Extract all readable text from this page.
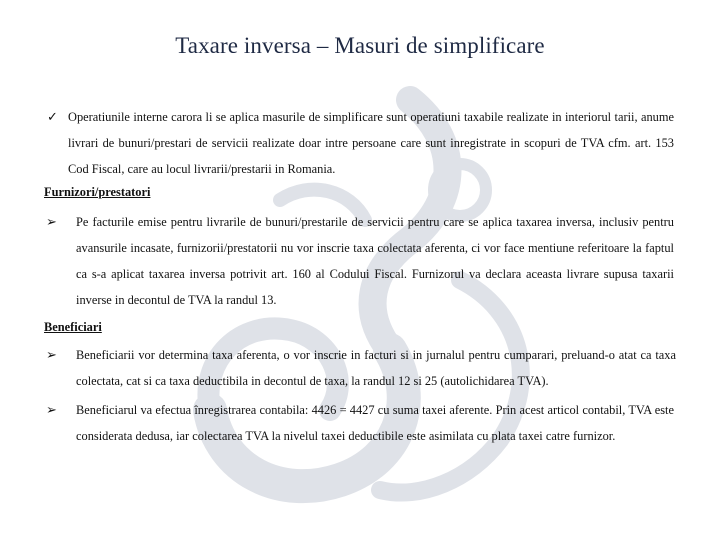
Taxare inversa – Masuri de simplificare
✓ Operatiunile interne carora li se aplica masurile de simplificare sunt operatiuni taxabile realizate in interiorul tarii, anume livrari de bunuri/prestari de servicii realizate doar intre persoane care sunt inregistrate in scopuri de TVA cfm. art. 153 Cod Fiscal, care au locul livrarii/prestarii in Romania.
Furnizori/prestatori
➢ Pe facturile emise pentru livrarile de bunuri/prestarile de servicii pentru care se aplica taxarea inversa, inclusiv pentru avansurile incasate, furnizorii/prestatorii nu vor inscrie taxa colectata aferenta, ci vor face mentiune referitoare la faptul ca s-a aplicat taxarea inversa potrivit art. 160 al Codului Fiscal. Furnizorul va declara aceasta livrare supusa taxarii inverse in decontul de TVA la randul 13.
Beneficiari
➢ Beneficiarii vor determina taxa aferenta, o vor inscrie in facturi si in jurnalul pentru cumparari, preluand-o atat ca taxa colectata, cat si ca taxa deductibila in decontul de taxa, la randul 12 si 25 (autolichidarea TVA).
➢ Beneficiarul va efectua înregistrarea contabila: 4426 = 4427 cu suma taxei aferente. Prin acest articol contabil, TVA este considerata dedusa, iar colectarea TVA la nivelul taxei deductibile este asimilata cu plata taxei catre furnizor.
